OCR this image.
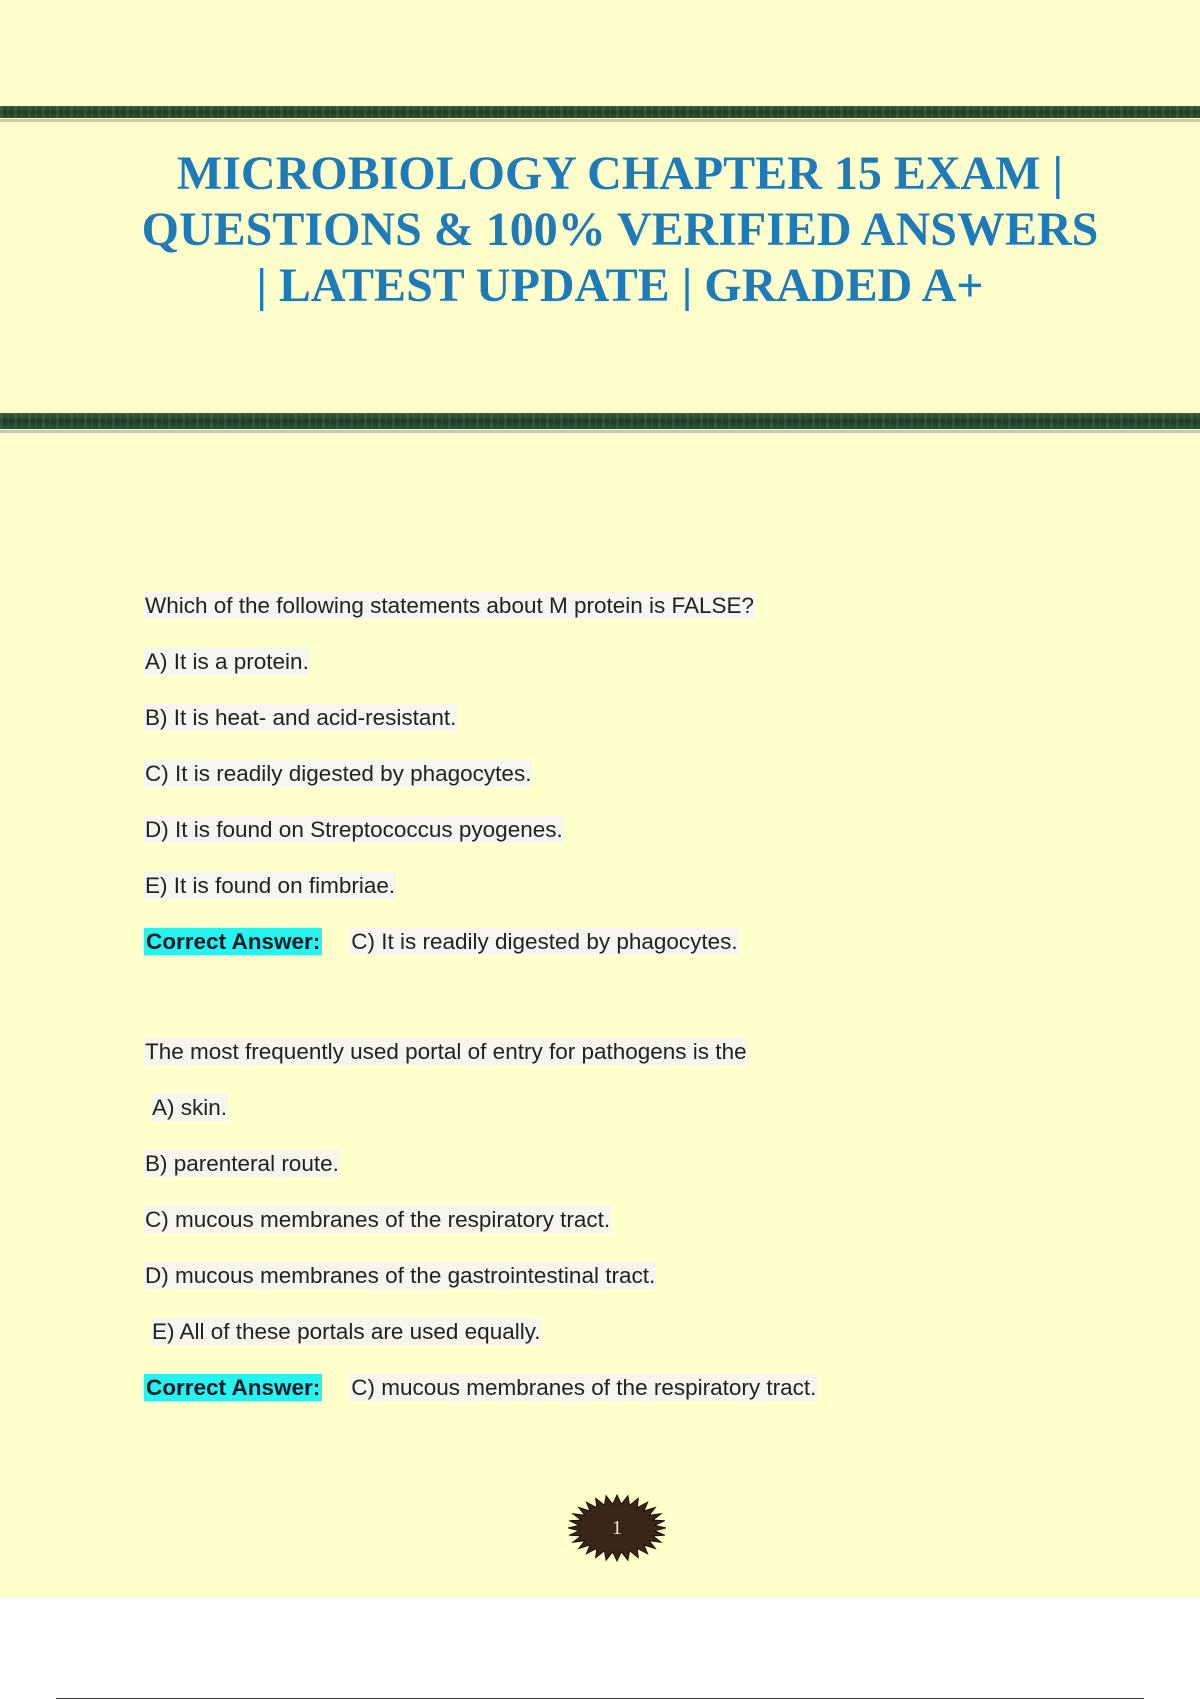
MICROBIOLOGY CHAPTER 15 EXAM | QUESTIONS & 100% VERIFIED ANSWERS | LATEST UPDATE | GRADED A+
Which of the following statements about M protein is FALSE?
A) It is a protein.
B) It is heat- and acid-resistant.
C) It is readily digested by phagocytes.
D) It is found on Streptococcus pyogenes.
E) It is found on fimbriae.
Correct Answer: C) It is readily digested by phagocytes.
The most frequently used portal of entry for pathogens is the
A) skin.
B) parenteral route.
C) mucous membranes of the respiratory tract.
D) mucous membranes of the gastrointestinal tract.
E) All of these portals are used equally.
Correct Answer: C) mucous membranes of the respiratory tract.
1
